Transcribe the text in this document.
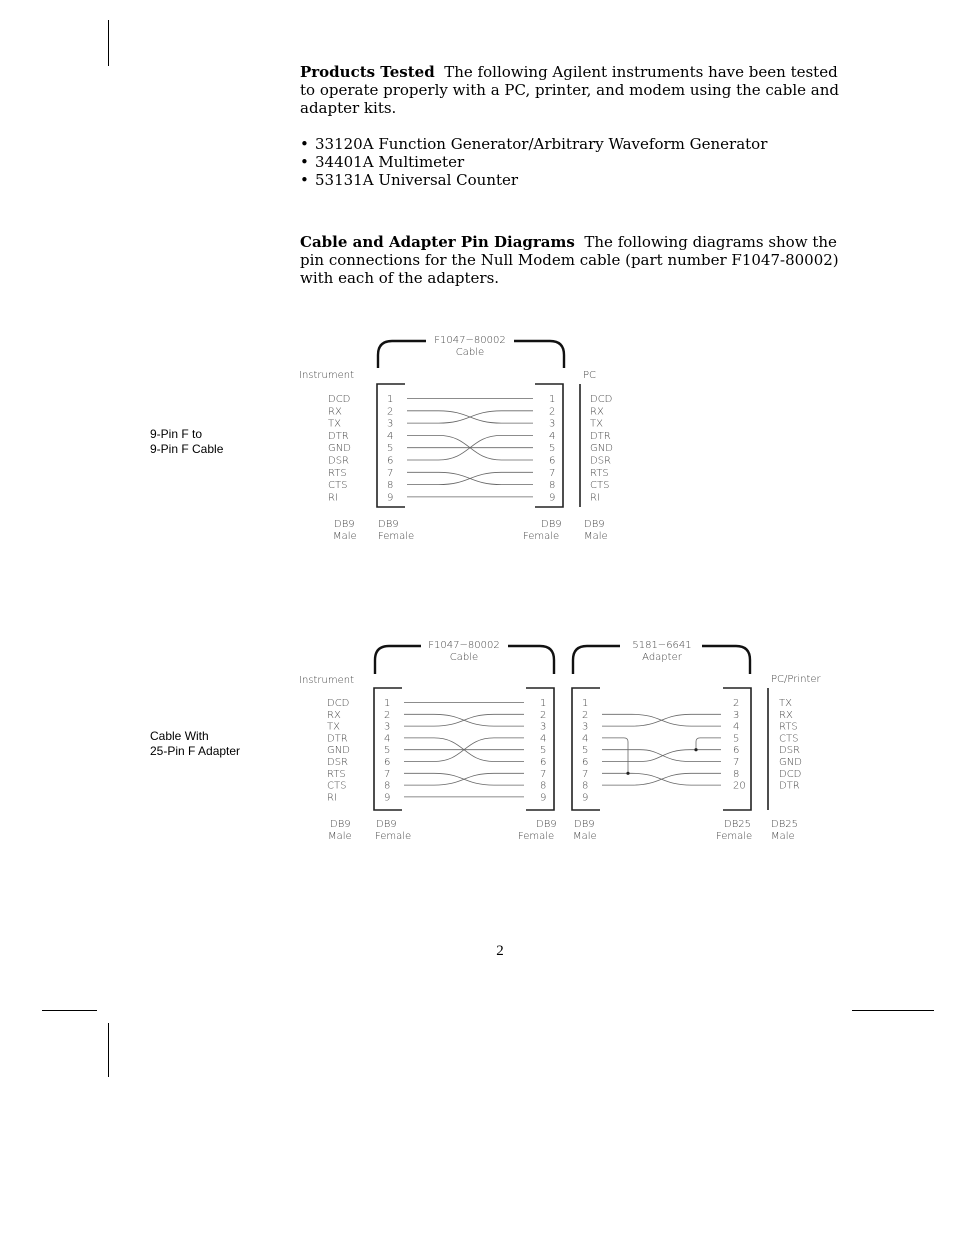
Products Tested The following Agilent instruments have been tested to operate properly with a PC, printer, and modem using the cable and adapter kits.

• 33120A Function Generator/Arbitrary Waveform Generator
• 34401A Multimeter
• 53131A Universal Counter

Cable and Adapter Pin Diagrams The following diagrams show the pin connections for the Null Modem cable (part number F1047-80002) with each of the adapters.

9-Pin F to
9-Pin F Cable
Cable With
25-Pin F Adapter
F1047−80002
Cable
Instrument	PC
DCD
RX
TX
DTR
GND
DSR
RTS
CTS
RI
1
2
3
4
5
6
7
8
9
1
2
3
4
5
6
7
8
9
DCD
RX
TX
DTR
GND
DSR
RTS
CTS
RI
DB9
Male
DB9
Female
DB9
Female
DB9
Male
F1047−80002
Cable
5181−6641
Adapter
Instrument	PC/Printer
DCD
RX
TX
DTR
GND
DSR
RTS
CTS
RI
1
2
3
4
5
6
7
8
9
1
2
3
4
5
6
7
8
9
1
2
3
4
5
6
7
8
9
2
3
4
5
6
7
8
20
TX
RX
RTS
CTS
DSR
GND
DCD
DTR
DB9
Male
DB9
Female
DB9
Female
DB9
Male
DB25
Female
DB25
Male
2
